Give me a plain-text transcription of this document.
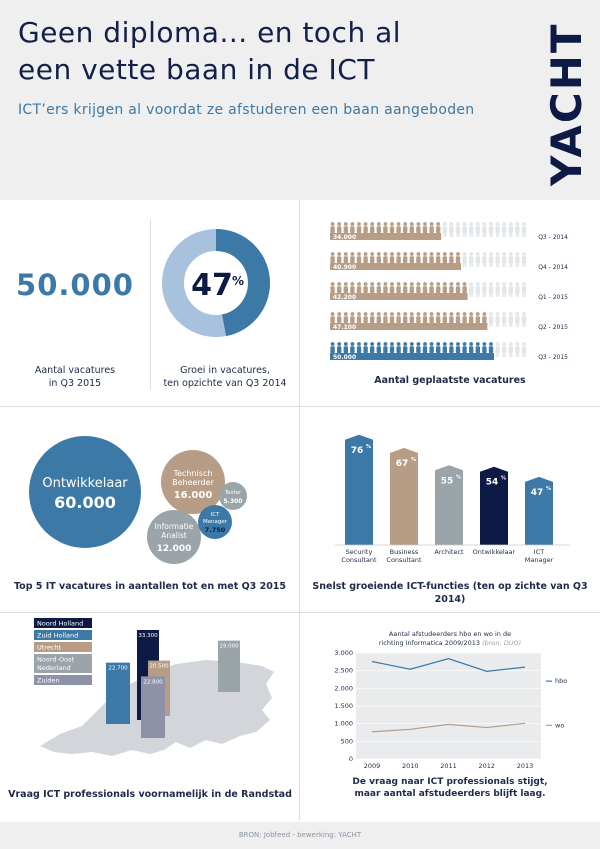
Geen diploma... en toch al
een vette baan in de ICT
ICT’ers krijgen al voordat ze afstuderen een baan aangeboden YACHT
50.000
Aantal vacatures
in Q3 2015
47 %
Groei in vacatures,
ten opzichte van Q3 2014
34.000	Q3 - 2014
40.900	Q4 - 2014
42.200	Q1 - 2015
47.100	Q2 - 2015
50.000	Q3 - 2015
Aantal geplaatste vacatures
Ontwikkelaar
60.000
Technisch
Beheerder
16.000
Informatie
Analist
12.000
ICT
Manager
7.750
Tester
5.300
Top 5 IT vacatures in aantallen tot en met Q3 2015
76 %
Security
Consultant
67 %
Business
Consultant
55 %
Architect
54 %
Ontwikkelaar
47 %
ICT
Manager
Snelst groeiende ICT-functies (ten op zichte van Q3 2014)
Noord Holland
Zuid Holland
Utrecht
Noord-Oost
Nederland
Zuiden
33.300
22.700	20.500
22.800
19.000
Vraag ICT professionals voornamelijk in de Randstad
Aantal afstudeerders hbo en wo in de
richting informatica 2009/2013 (bron: DUO)
3.000
2.500
2.000
1.500
1.000
500
0
2009	2010	2011	2012	2013
hbo
wo
De vraag naar ICT professionals stijgt,
maar aantal afstudeerders blijft laag.
BRON: Jobfeed - bewerking: YACHT
